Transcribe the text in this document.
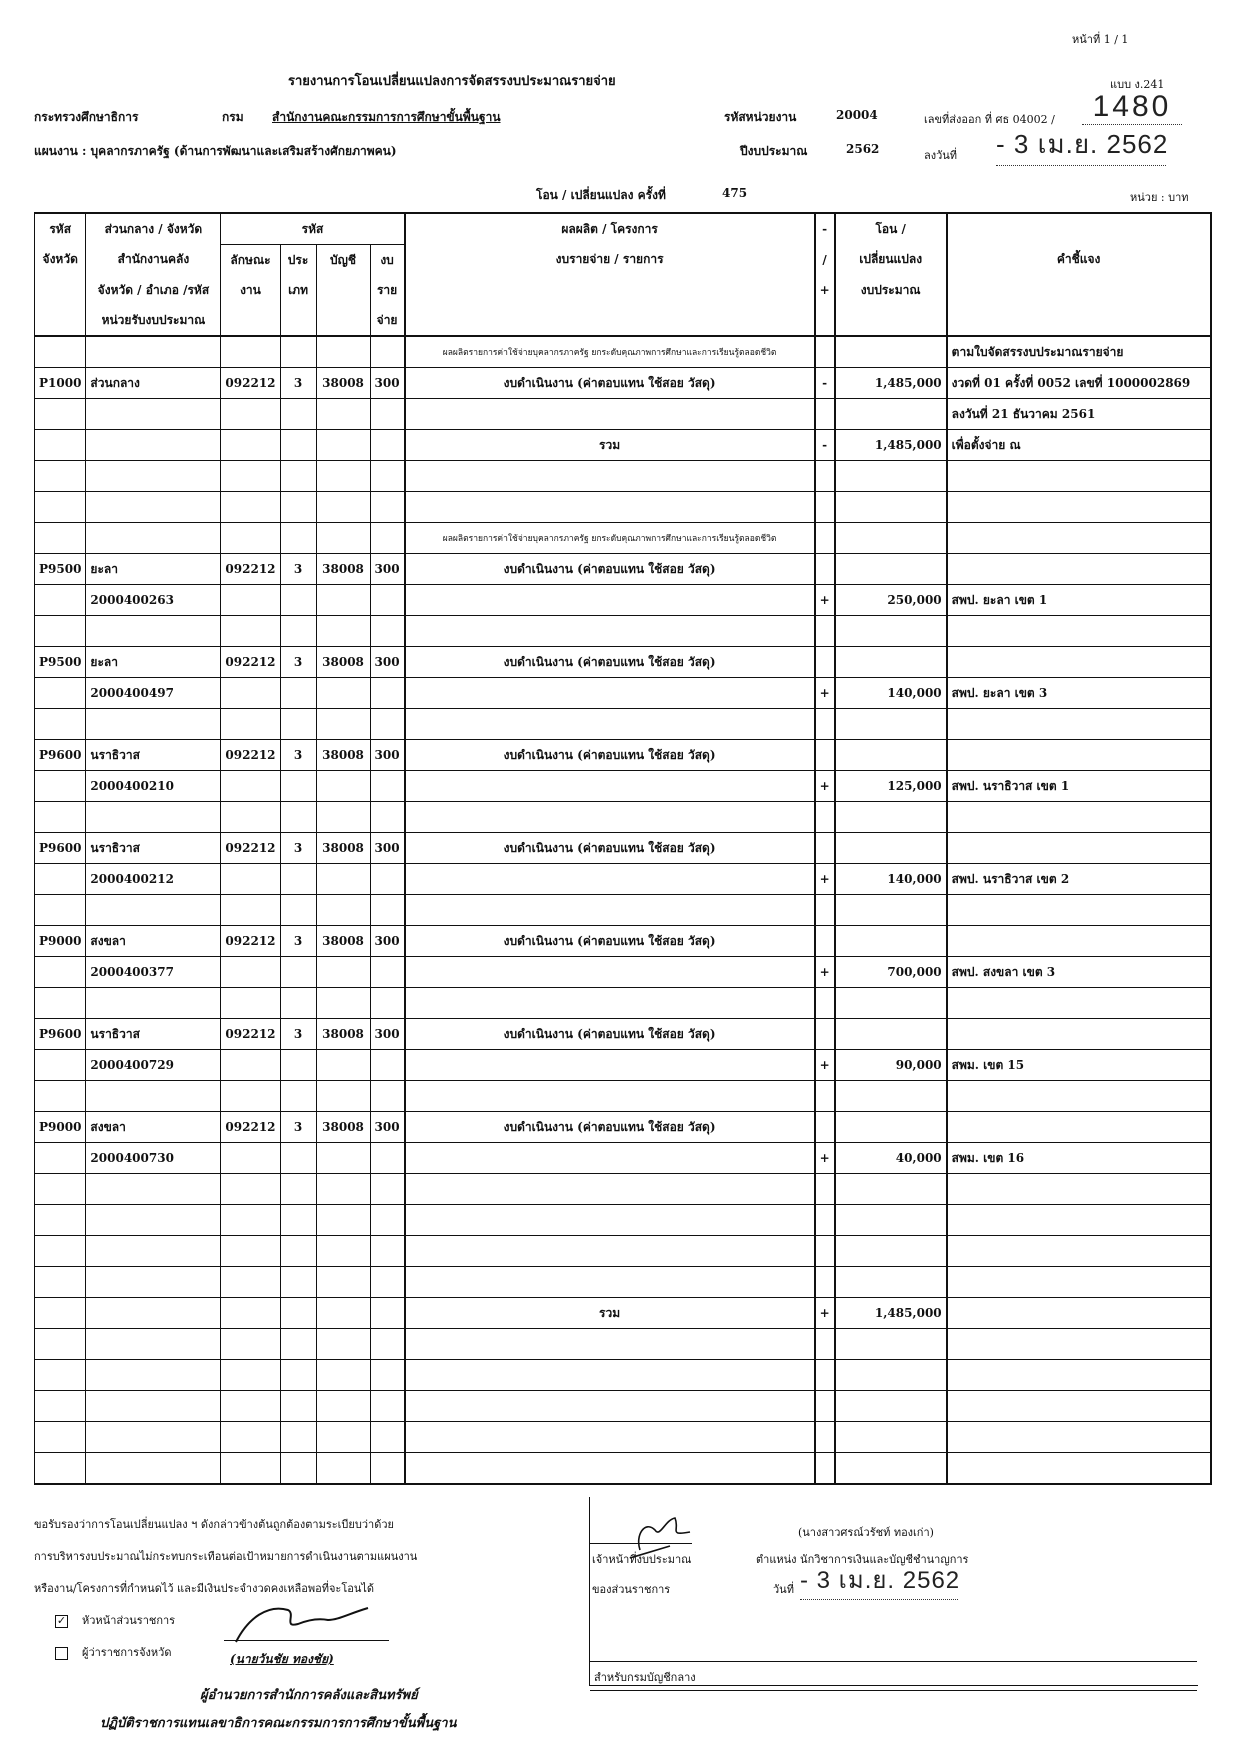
หน้าที่ 1 / 1
รายงานการโอนเปลี่ยนแปลงการจัดสรรงบประมาณรายจ่าย	แบบ ง.241
กระทรวงศึกษาธิการ	กรม สำนักงานคณะกรรมการการศึกษาขั้นพื้นฐาน	รหัสหน่วยงาน	20004	เลขที่ส่งออก ที่ ศธ 04002 /	1480
แผนงาน : บุคลากรภาครัฐ (ด้านการพัฒนาและเสริมสร้างศักยภาพคน)	ปีงบประมาณ	2562	ลงวันที่ - 3 เม.ย. 2562
โอน / เปลี่ยนแปลง ครั้งที่	475	หน่วย : บาท
รหัส	ส่วนกลาง / จังหวัด	รหัส				ผลผลิต / โครงการ	-	โอน /	
จังหวัด	สำนักงานคลัง	ลักษณะ	ประ	บัญชี	งบ	งบรายจ่าย / รายการ	/	เปลี่ยนแปลง	คำชี้แจง
	จังหวัด / อำเภอ /รหัส	งาน	เภท		ราย		+	งบประมาณ	
	หน่วยรับงบประมาณ				จ่าย				
						ผลผลิตรายการค่าใช้จ่ายบุคลากรภาครัฐ ยกระดับคุณภาพการศึกษาและการเรียนรู้ตลอดชีวิต			ตามใบจัดสรรงบประมาณรายจ่าย
P1000	ส่วนกลาง	092212	3	38008	300	งบดำเนินงาน (ค่าตอบแทน ใช้สอย วัสดุ)	-	1,485,000	งวดที่ 01 ครั้งที่ 0052 เลขที่ 1000002869
									ลงวันที่ 21 ธันวาคม 2561
						รวม	-	1,485,000	เพื่อตั้งจ่าย ณ

						ผลผลิตรายการค่าใช้จ่ายบุคลากรภาครัฐ ยกระดับคุณภาพการศึกษาและการเรียนรู้ตลอดชีวิต			
P9500	ยะลา	092212	3	38008	300	งบดำเนินงาน (ค่าตอบแทน ใช้สอย วัสดุ)			
	2000400263						+	250,000	สพป. ยะลา เขต 1

P9500	ยะลา	092212	3	38008	300	งบดำเนินงาน (ค่าตอบแทน ใช้สอย วัสดุ)			
	2000400497						+	140,000	สพป. ยะลา เขต 3

P9600	นราธิวาส	092212	3	38008	300	งบดำเนินงาน (ค่าตอบแทน ใช้สอย วัสดุ)			
	2000400210						+	125,000	สพป. นราธิวาส เขต 1

P9600	นราธิวาส	092212	3	38008	300	งบดำเนินงาน (ค่าตอบแทน ใช้สอย วัสดุ)			
	2000400212						+	140,000	สพป. นราธิวาส เขต 2

P9000	สงขลา	092212	3	38008	300	งบดำเนินงาน (ค่าตอบแทน ใช้สอย วัสดุ)			
	2000400377						+	700,000	สพป. สงขลา เขต 3

P9600	นราธิวาส	092212	3	38008	300	งบดำเนินงาน (ค่าตอบแทน ใช้สอย วัสดุ)			
	2000400729						+	90,000	สพม. เขต 15

P9000	สงขลา	092212	3	38008	300	งบดำเนินงาน (ค่าตอบแทน ใช้สอย วัสดุ)			
	2000400730						+	40,000	สพม. เขต 16

						รวม	+	1,485,000	

ขอรับรองว่าการโอนเปลี่ยนแปลง ฯ ดังกล่าวข้างต้นถูกต้องตามระเบียบว่าด้วย
การบริหารงบประมาณไม่กระทบกระเทือนต่อเป้าหมายการดำเนินงานตามแผนงาน
หรืองาน/โครงการที่กำหนดไว้ และมีเงินประจำงวดคงเหลือพอที่จะโอนได้
✓ หัวหน้าส่วนราชการ
ผู้ว่าราชการจังหวัด	(นายวันชัย ทองชัย)
ผู้อำนวยการสำนักการคลังและสินทรัพย์
ปฏิบัติราชการแทนเลขาธิการคณะกรรมการการศึกษาขั้นพื้นฐาน
(นางสาวศรณ์วรัชท์ ทองเก่า)
เจ้าหน้าที่งบประมาณ	ตำแหน่ง นักวิชาการเงินและบัญชีชำนาญการ
ของส่วนราชการ	วันที่ - 3 เม.ย. 2562
สำหรับกรมบัญชีกลาง
